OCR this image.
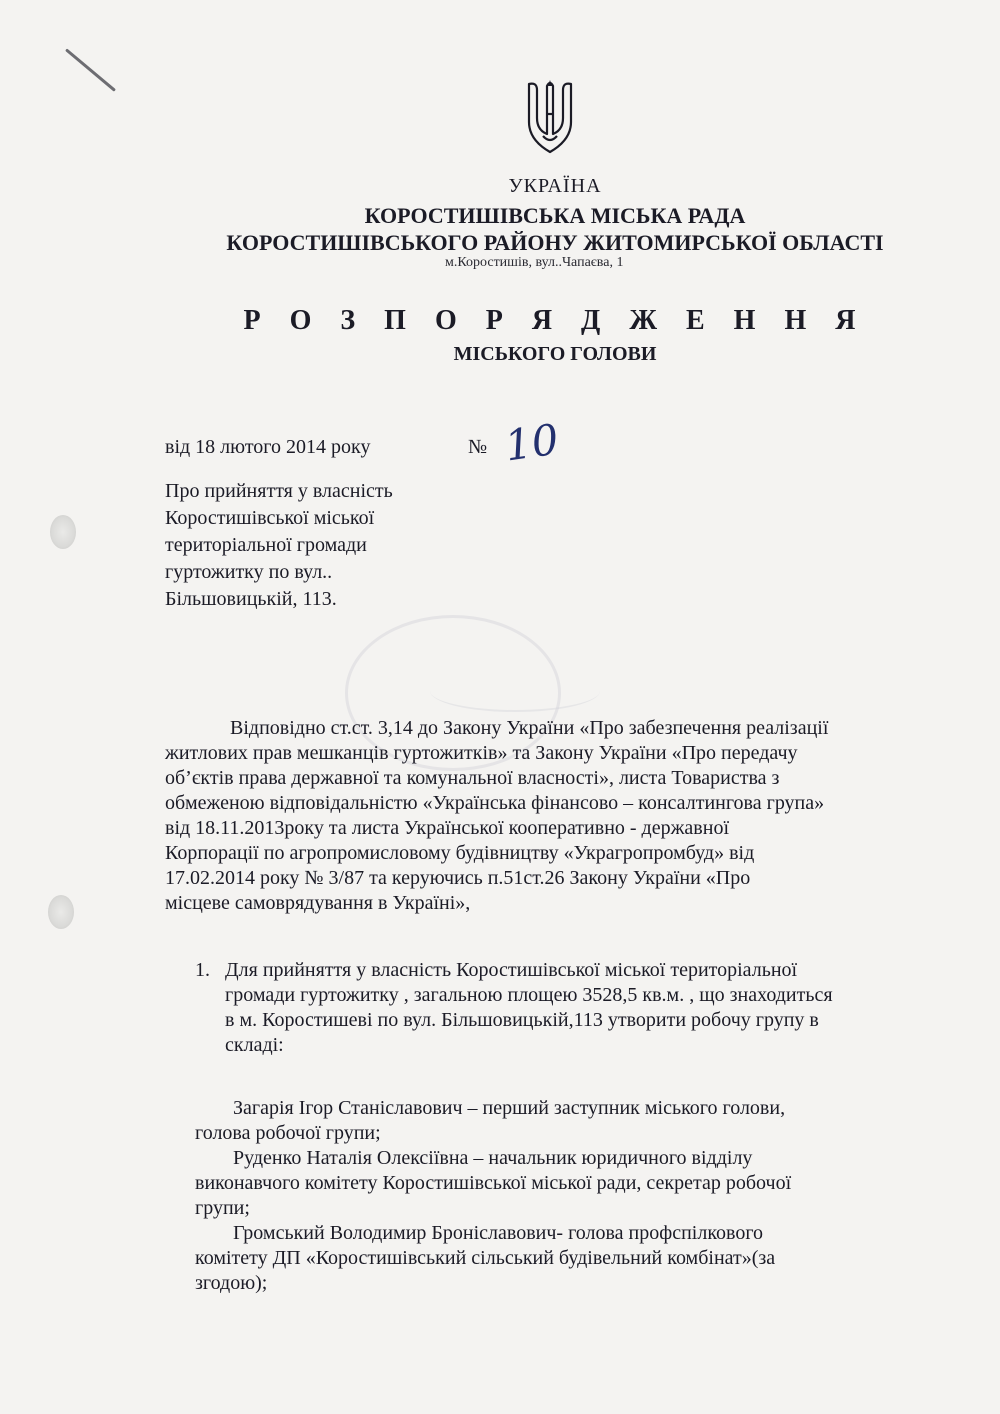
УКРАЇНА
КОРОСТИШІВСЬКА МІСЬКА РАДА
КОРОСТИШІВСЬКОГО РАЙОНУ ЖИТОМИРСЬКОЇ ОБЛАСТІ
м.Коростишів, вул..Чапаєва, 1
Р О З П О Р Я Д Ж Е Н Н Я
МІСЬКОГО ГОЛОВИ
від 18 лютого 2014 року	№ 10
Про прийняття у власність
Коростишівської міської
територіальної громади
гуртожитку по вул..
Більшовицькій, 113.
Відповідно ст.ст. 3,14 до Закону України «Про забезпечення реалізації
житлових прав мешканців гуртожитків» та Закону України «Про передачу
об’єктів права державної та комунальної власності», листа Товариства з
обмеженою відповідальністю «Українська фінансово – консалтингова група»
від 18.11.2013року та листа Української кооперативно - державної
Корпорації по агропромисловому будівництву «Украгропромбуд» від
17.02.2014 року № 3/87 та керуючись п.51ст.26 Закону України «Про
місцеве самоврядування в Україні»,
1. Для прийняття у власність Коростишівської міської територіальної
громади гуртожитку , загальною площею 3528,5 кв.м. , що знаходиться
в м. Коростишеві по вул. Більшовицькій,113 утворити робочу групу в
складі:
Загарія Ігор Станіславович – перший заступник міського голови,
голова робочої групи;
Руденко Наталія Олексіївна – начальник юридичного відділу
виконавчого комітету Коростишівської міської ради, секретар робочої
групи;
Громський Володимир Броніславович- голова профспілкового
комітету ДП «Коростишівський сільський будівельний комбінат»(за
згодою);
